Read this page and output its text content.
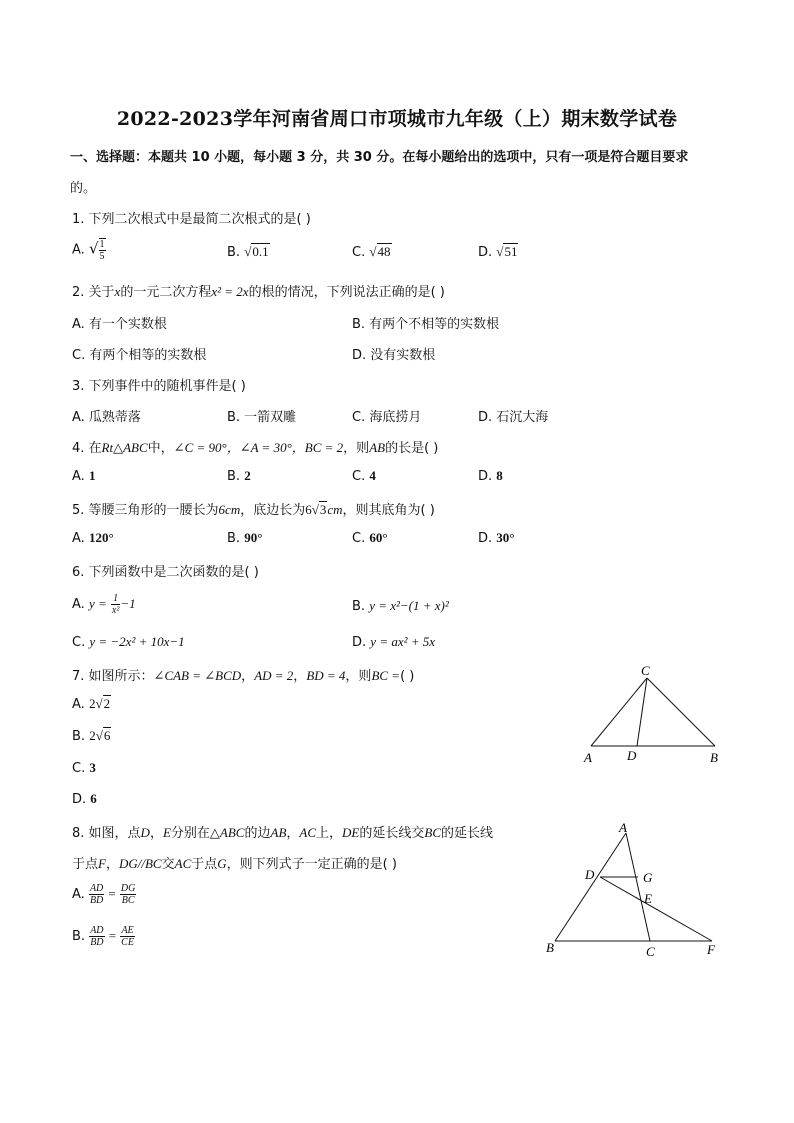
2022-2023学年河南省周口市项城市九年级（上）期末数学试卷
一、选择题：本题共 10 小题，每小题 3 分，共 30 分。在每小题给出的选项中，只有一项是符合题目要求
的。
1. 下列二次根式中是最简二次根式的是( )
A. √ $\frac{1}{5}$	B. √0.1	C. √48	D. √51
2. 关于x的一元二次方程x² = 2x的根的情况，下列说法正确的是( )
A. 有一个实数根	B. 有两个不相等的实数根
C. 有两个相等的实数根	D. 没有实数根
3. 下列事件中的随机事件是( )
A. 瓜熟蒂落	B. 一箭双雕	C. 海底捞月	D. 石沉大海
4. 在Rt△ABC中，∠C = 90°，∠A = 30°，BC = 2，则AB的长是( )
A. 1	B. 2	C. 4	D. 8
5. 等腰三角形的一腰长为6cm，底边长为6√3cm，则其底角为( )
A. 120°	B. 90°	C. 60°	D. 30°
6. 下列函数中是二次函数的是( )
A. $y = \frac{1}{\text{x²}} -1$	B. y = x²−(1 + x)²
C. y = −2x² + 10x−1	D. y = ax² + 5x
7. 如图所示：∠CAB = ∠BCD，AD = 2，BD = 4，则BC =( )
A. 2√2
B. 2√6
C. 3
D. 6
C
A	D	B
8. 如图，点D，E分别在△ABC的边AB，AC上，DE的延长线交BC的延长线
于点F，DG//BC交AC于点G，则下列式子一定正确的是( )
A. $\frac{AD}{BD} = \frac{DG}{BC}$
B. $\frac{AD}{BD} = \frac{AE}{CE}$
A
D	G
E
B	C	F
